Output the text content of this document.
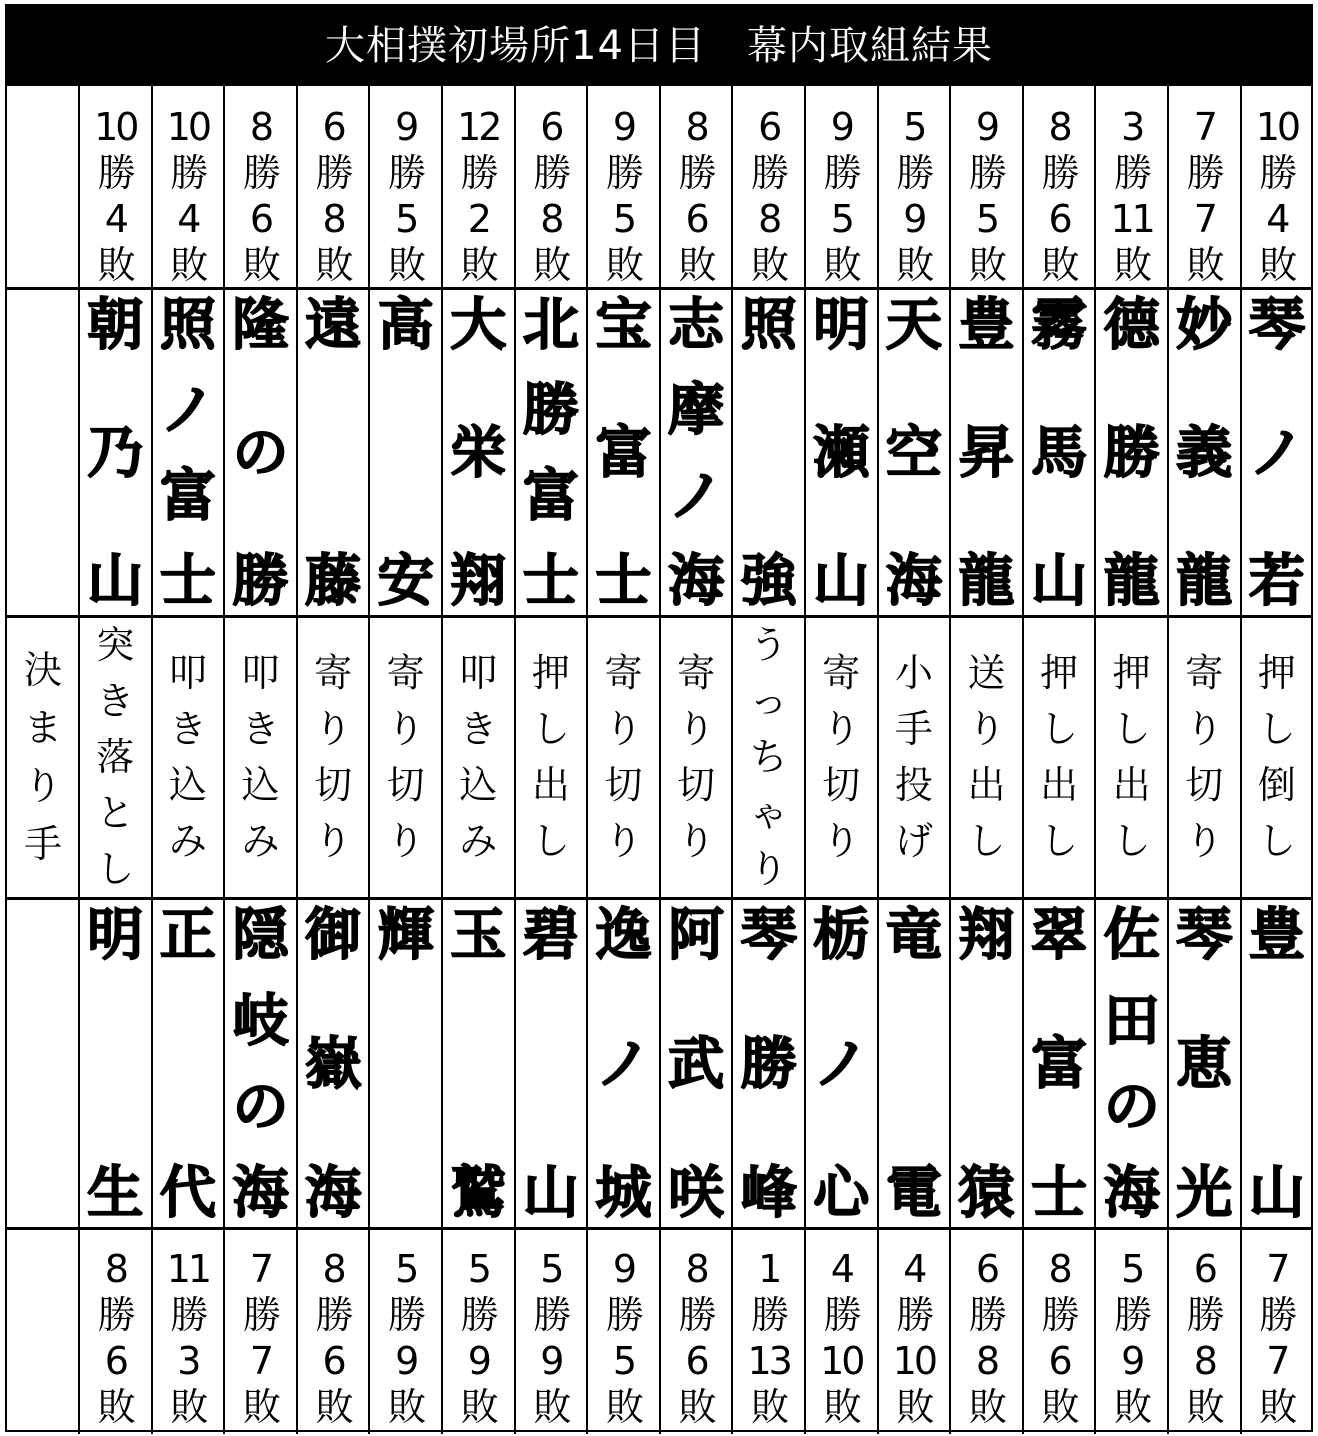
大相撲初場所14日目　幕内取組結果
決
ま
り
手
10
勝
4
敗
朝
乃
山
突
き
落
と
し
明
生
8
勝
6
敗
10
勝
4
敗
照
ノ
富
士
叩
き
込
み
正
代
11
勝
3
敗
8
勝
6
敗
隆
の
勝
叩
き
込
み
隠
岐
の
海
7
勝
7
敗
6
勝
8
敗
遠
藤
寄
り
切
り
御
嶽
海
8
勝
6
敗
9
勝
5
敗
高
安
寄
り
切
り
輝
5
勝
9
敗
12
勝
2
敗
大
栄
翔
叩
き
込
み
玉
鷲
5
勝
9
敗
6
勝
8
敗
北
勝
富
士
押
し
出
し
碧
山
5
勝
9
敗
9
勝
5
敗
宝
富
士
寄
り
切
り
逸
ノ
城
9
勝
5
敗
8
勝
6
敗
志
摩
ノ
海
寄
り
切
り
阿
武
咲
8
勝
6
敗
6
勝
8
敗
照
強
う
っ
ち
ゃ
り
琴
勝
峰
1
勝
13
敗
9
勝
5
敗
明
瀬
山
寄
り
切
り
栃
ノ
心
4
勝
10
敗
5
勝
9
敗
天
空
海
小
手
投
げ
竜
電
4
勝
10
敗
9
勝
5
敗
豊
昇
龍
送
り
出
し
翔
猿
6
勝
8
敗
8
勝
6
敗
霧
馬
山
押
し
出
し
翠
富
士
8
勝
6
敗
3
勝
11
敗
德
勝
龍
押
し
出
し
佐
田
の
海
5
勝
9
敗
7
勝
7
敗
妙
義
龍
寄
り
切
り
琴
恵
光
6
勝
8
敗
10
勝
4
敗
琴
ノ
若
押
し
倒
し
豊
山
7
勝
7
敗
